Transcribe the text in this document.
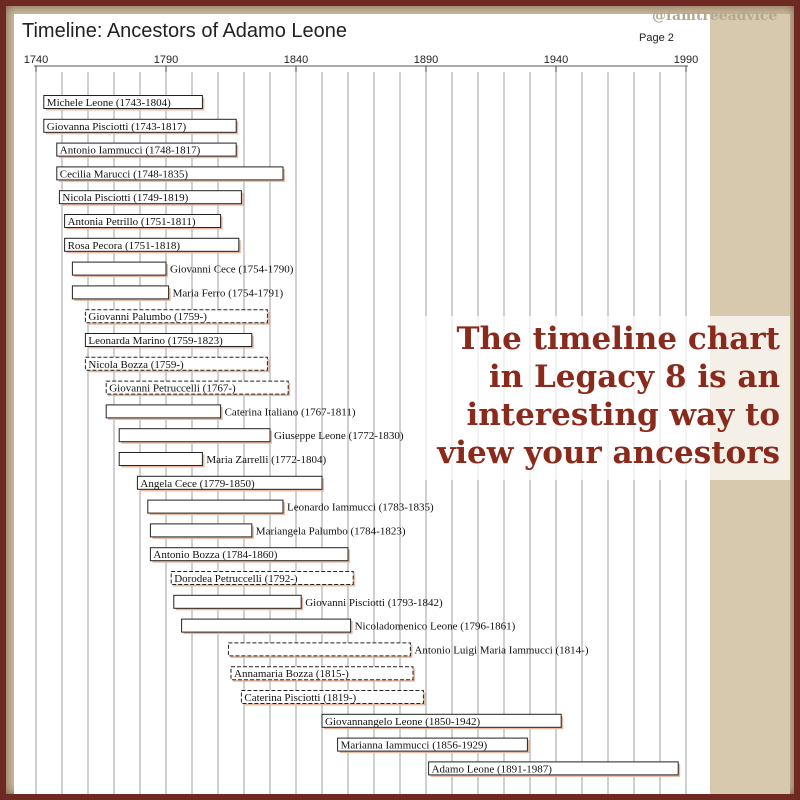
1740	1790	1840	1890	1940	1990
Michele Leone (1743-1804)
Giovanna Pisciotti (1743-1817)
Antonio Iammucci (1748-1817)
Cecilia Marucci (1748-1835)
Nicola Pisciotti (1749-1819)
Antonia Petrillo (1751-1811)
Rosa Pecora (1751-1818)
Giovanni Cece (1754-1790)
Maria Ferro (1754-1791)
Giovanni Palumbo (1759-)
Leonarda Marino (1759-1823)
Nicola Bozza (1759-)
Giovanni Petruccelli (1767-)
Caterina Italiano (1767-1811)
Giuseppe Leone (1772-1830)
Maria Zarrelli (1772-1804)
Angela Cece (1779-1850)
Leonardo Iammucci (1783-1835)
Mariangela Palumbo (1784-1823)
Antonio Bozza (1784-1860)
Dorodea Petruccelli (1792-)
Giovanni Pisciotti (1793-1842)
Nicoladomenico Leone (1796-1861)
Antonio Luigi Maria Iammucci (1814-)
Annamaria Bozza (1815-)
Caterina Pisciotti (1819-)
Giovannangelo Leone (1850-1942)
Marianna Iammucci (1856-1929)
Adamo Leone (1891-1987)
Timeline: Ancestors of Adamo Leone	Page 2
@famtreeadvice
The timeline chart
in Legacy 8 is an
interesting way to
view your ancestors
